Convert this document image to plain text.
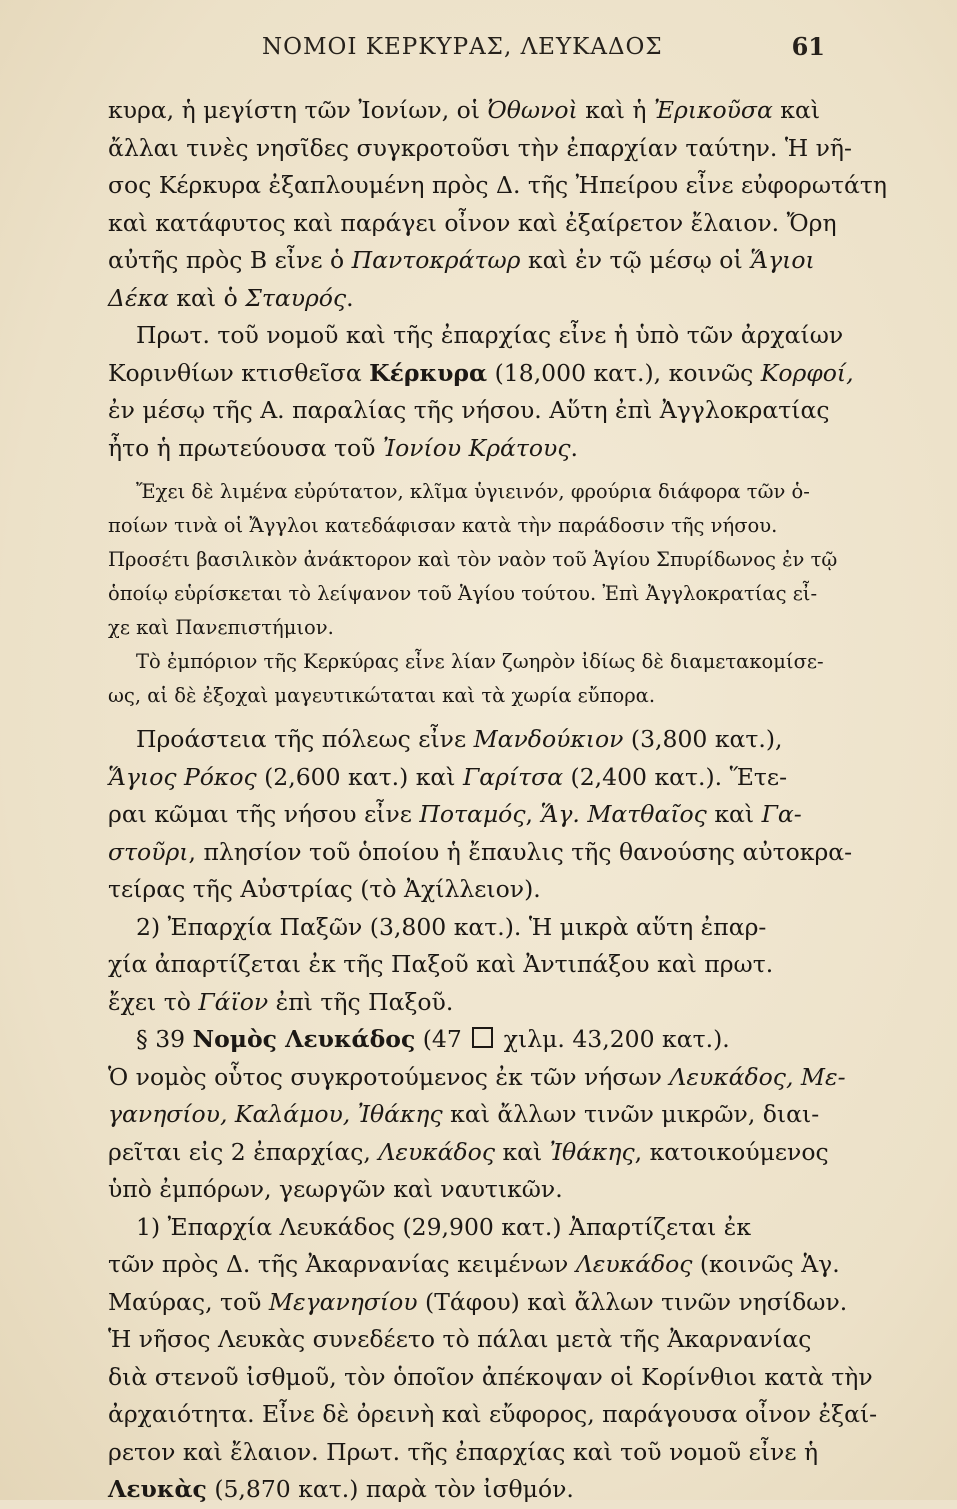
ΝΟΜΟΙ ΚΕΡΚΥΡΑΣ, ΛΕΥΚΑΔΟΣ	61
κυρα, ἡ μεγίστη τῶν Ἰονίων, οἱ Ὀθωνοὶ καὶ ἡ Ἐρικοῦσα καὶ
ἄλλαι τινὲς νησῖδες συγκροτοῦσι τὴν ἐπαρχίαν ταύτην. Ἡ νῆ-
σος Κέρκυρα ἐξαπλουμένη πρὸς Δ. τῆς Ἠπείρου εἶνε εὐφορωτάτη
καὶ κατάφυτος καὶ παράγει οἶνον καὶ ἐξαίρετον ἔλαιον. Ὄρη
αὐτῆς πρὸς Β εἶνε ὁ Παντοκράτωρ καὶ ἐν τῷ μέσῳ οἱ Ἅγιοι
Δέκα καὶ ὁ Σταυρός.
Πρωτ. τοῦ νομοῦ καὶ τῆς ἐπαρχίας εἶνε ἡ ὑπὸ τῶν ἀρχαίων
Κορινθίων κτισθεῖσα Κέρκυρα (18,000 κατ.), κοινῶς Κορφοί,
ἐν μέσῳ τῆς Α. παραλίας τῆς νήσου. Αὕτη ἐπὶ Ἀγγλοκρατίας
ἦτο ἡ πρωτεύουσα τοῦ Ἰονίου Κράτους.
Ἔχει δὲ λιμένα εὐρύτατον, κλῖμα ὑγιεινόν, φρούρια διάφορα τῶν ὁ-
ποίων τινὰ οἱ Ἄγγλοι κατεδάφισαν κατὰ τὴν παράδοσιν τῆς νήσου.
Προσέτι βασιλικὸν ἀνάκτορον καὶ τὸν ναὸν τοῦ Ἁγίου Σπυρίδωνος ἐν τῷ
ὁποίῳ εὑρίσκεται τὸ λείψανον τοῦ Ἁγίου τούτου. Ἐπὶ Ἀγγλοκρατίας εἶ-
χε καὶ Πανεπιστήμιον.
Τὸ ἐμπόριον τῆς Κερκύρας εἶνε λίαν ζωηρὸν ἰδίως δὲ διαμετακομίσε-
ως, αἱ δὲ ἐξοχαὶ μαγευτικώταται καὶ τὰ χωρία εὔπορα.
Προάστεια τῆς πόλεως εἶνε Μανδούκιον (3,800 κατ.),
Ἅγιος Ρόκος (2,600 κατ.) καὶ Γαρίτσα (2,400 κατ.). Ἕτε-
ραι κῶμαι τῆς νήσου εἶνε Ποταμός, Ἅγ. Ματθαῖος καὶ Γα-
στοῦρι, πλησίον τοῦ ὁποίου ἡ ἔπαυλις τῆς θανούσης αὐτοκρα-
τείρας τῆς Αὐστρίας (τὸ Ἀχίλλειον).
2) Ἐπαρχία Παξῶν (3,800 κατ.). Ἡ μικρὰ αὕτη ἐπαρ-
χία ἀπαρτίζεται ἐκ τῆς Παξοῦ καὶ Ἀντιπάξου καὶ πρωτ.
ἔχει τὸ Γάϊον ἐπὶ τῆς Παξοῦ.
§ 39 Νομὸς Λευκάδος (47  χιλμ. 43,200 κατ.).
Ὁ νομὸς οὗτος συγκροτούμενος ἐκ τῶν νήσων Λευκάδος, Με-
γανησίου, Καλάμου, Ἰθάκης καὶ ἄλλων τινῶν μικρῶν, διαι-
ρεῖται εἰς 2 ἐπαρχίας, Λευκάδος καὶ Ἰθάκης, κατοικούμενος
ὑπὸ ἐμπόρων, γεωργῶν καὶ ναυτικῶν.
1) Ἐπαρχία Λευκάδος (29,900 κατ.) Ἀπαρτίζεται ἐκ
τῶν πρὸς Δ. τῆς Ἀκαρνανίας κειμένων Λευκάδος (κοινῶς Ἁγ.
Μαύρας, τοῦ Μεγανησίου (Τάφου) καὶ ἄλλων τινῶν νησίδων.
Ἡ νῆσος Λευκὰς συνεδέετο τὸ πάλαι μετὰ τῆς Ἀκαρνανίας
διὰ στενοῦ ἰσθμοῦ, τὸν ὁποῖον ἀπέκοψαν οἱ Κορίνθιοι κατὰ τὴν
ἀρχαιότητα. Εἶνε δὲ ὀρεινὴ καὶ εὔφορος, παράγουσα οἶνον ἐξαί-
ρετον καὶ ἔλαιον. Πρωτ. τῆς ἐπαρχίας καὶ τοῦ νομοῦ εἶνε ἡ
Λευκὰς (5,870 κατ.) παρὰ τὸν ἰσθμόν.
